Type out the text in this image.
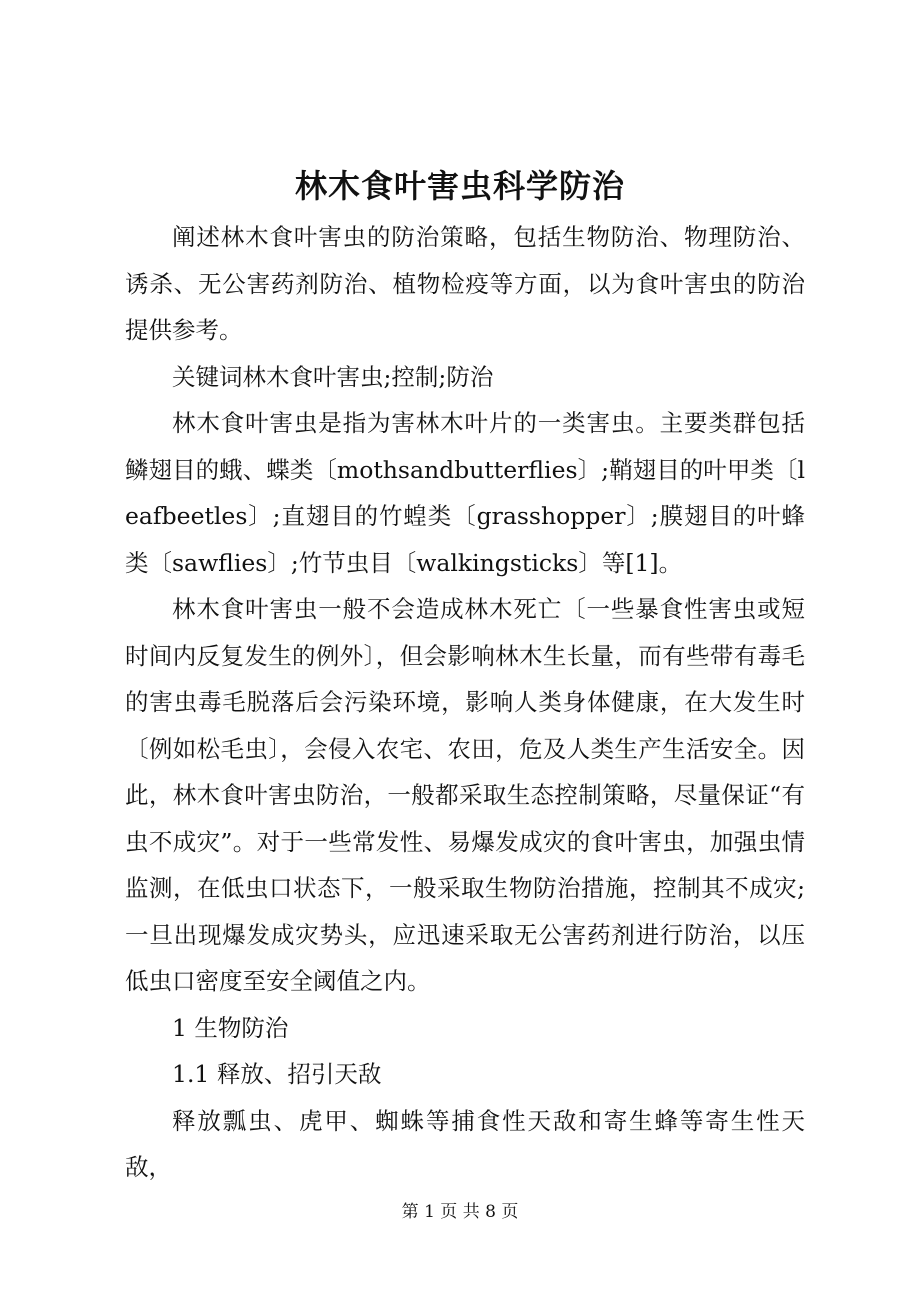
林木食叶害虫科学防治

阐述林木食叶害虫的防治策略，包括生物防治、物理防治、诱杀、无公害药剂防治、植物检疫等方面，以为食叶害虫的防治提供参考。

关键词林木食叶害虫;控制;防治

林木食叶害虫是指为害林木叶片的一类害虫。主要类群包括鳞翅目的蛾、蝶类〔mothsandbutterflies〕;鞘翅目的叶甲类〔leafbeetles〕;直翅目的竹蝗类〔grasshopper〕;膜翅目的叶蜂类〔sawflies〕;竹节虫目〔walkingsticks〕等[1]。

林木食叶害虫一般不会造成林木死亡〔一些暴食性害虫或短时间内反复发生的例外〕，但会影响林木生长量，而有些带有毒毛的害虫毒毛脱落后会污染环境，影响人类身体健康，在大发生时〔例如松毛虫〕，会侵入农宅、农田，危及人类生产生活安全。因此，林木食叶害虫防治，一般都采取生态控制策略，尽量保证“有虫不成灾”。对于一些常发性、易爆发成灾的食叶害虫，加强虫情监测，在低虫口状态下，一般采取生物防治措施，控制其不成灾;一旦出现爆发成灾势头，应迅速采取无公害药剂进行防治，以压低虫口密度至安全阈值之内。

1 生物防治

1.1 释放、招引天敌

释放瓢虫、虎甲、蜘蛛等捕食性天敌和寄生蜂等寄生性天敌，

第 1 页 共 8 页
